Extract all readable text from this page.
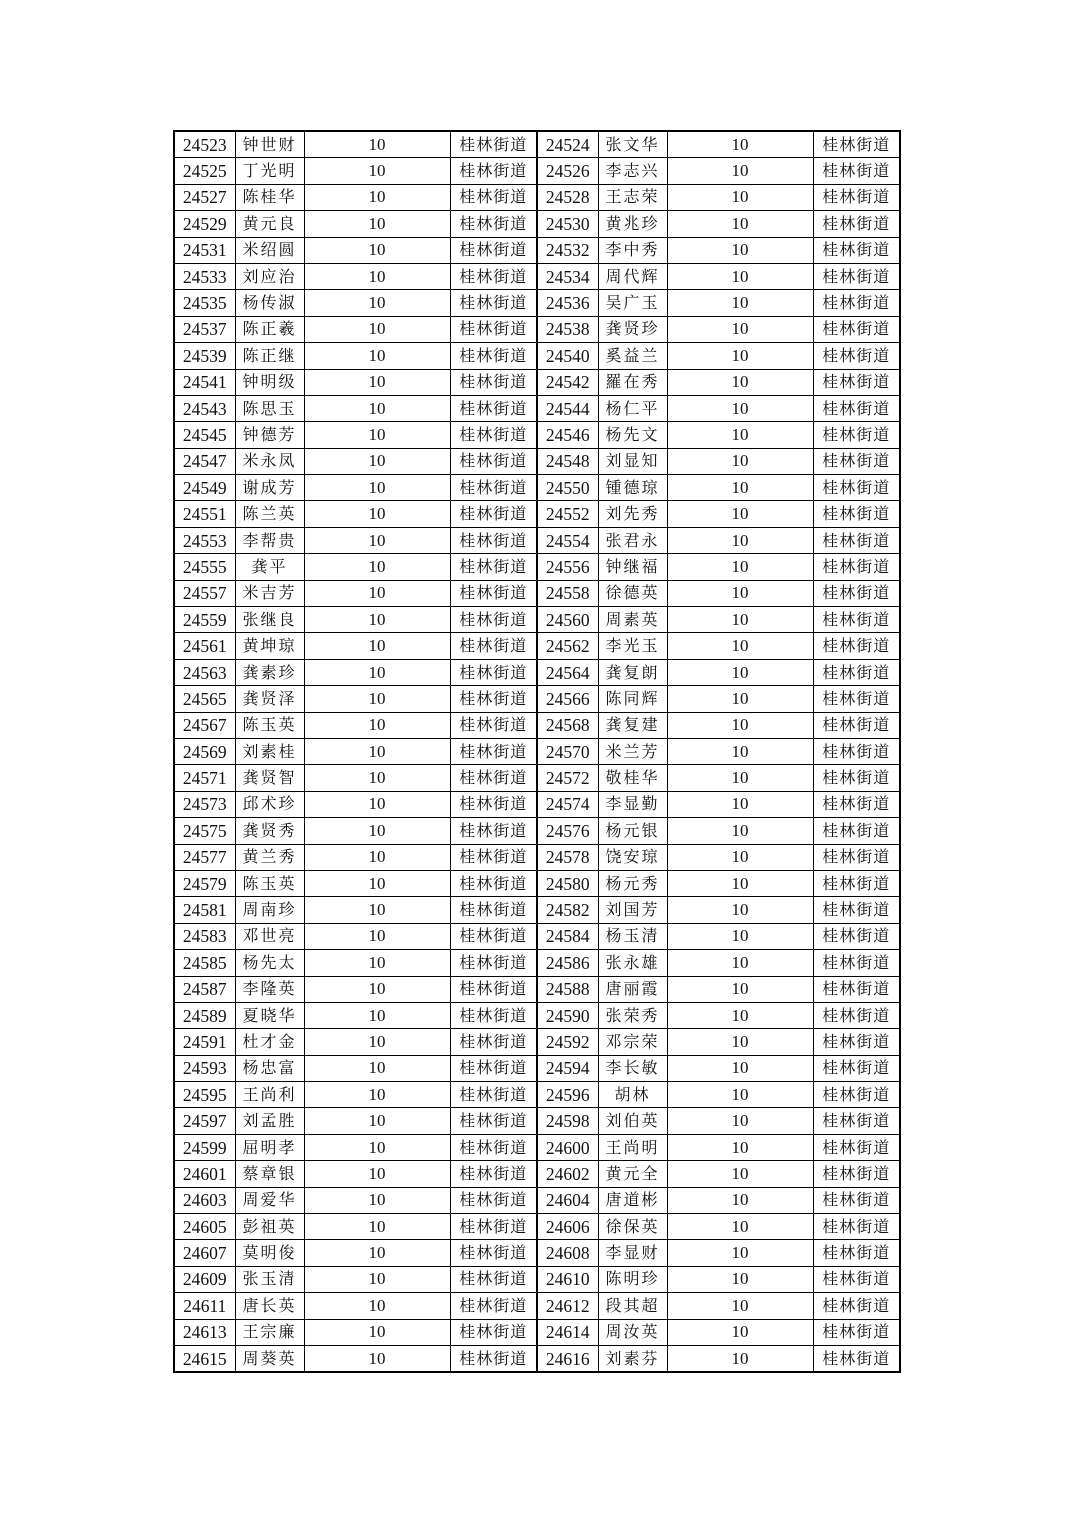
24523	钟世财	10	桂林街道	24524	张文华	10	桂林街道
24525	丁光明	10	桂林街道	24526	李志兴	10	桂林街道
24527	陈桂华	10	桂林街道	24528	王志荣	10	桂林街道
24529	黄元良	10	桂林街道	24530	黄兆珍	10	桂林街道
24531	米绍圆	10	桂林街道	24532	李中秀	10	桂林街道
24533	刘应治	10	桂林街道	24534	周代辉	10	桂林街道
24535	杨传淑	10	桂林街道	24536	吴广玉	10	桂林街道
24537	陈正羲	10	桂林街道	24538	龚贤珍	10	桂林街道
24539	陈正继	10	桂林街道	24540	奚益兰	10	桂林街道
24541	钟明级	10	桂林街道	24542	羅在秀	10	桂林街道
24543	陈思玉	10	桂林街道	24544	杨仁平	10	桂林街道
24545	钟德芳	10	桂林街道	24546	杨先文	10	桂林街道
24547	米永凤	10	桂林街道	24548	刘显知	10	桂林街道
24549	谢成芳	10	桂林街道	24550	锺德琼	10	桂林街道
24551	陈兰英	10	桂林街道	24552	刘先秀	10	桂林街道
24553	李帮贵	10	桂林街道	24554	张君永	10	桂林街道
24555	龚平	10	桂林街道	24556	钟继福	10	桂林街道
24557	米吉芳	10	桂林街道	24558	徐德英	10	桂林街道
24559	张继良	10	桂林街道	24560	周素英	10	桂林街道
24561	黄坤琼	10	桂林街道	24562	李光玉	10	桂林街道
24563	龚素珍	10	桂林街道	24564	龚复朗	10	桂林街道
24565	龚贤泽	10	桂林街道	24566	陈同辉	10	桂林街道
24567	陈玉英	10	桂林街道	24568	龚复建	10	桂林街道
24569	刘素桂	10	桂林街道	24570	米兰芳	10	桂林街道
24571	龚贤智	10	桂林街道	24572	敬桂华	10	桂林街道
24573	邱术珍	10	桂林街道	24574	李显勤	10	桂林街道
24575	龚贤秀	10	桂林街道	24576	杨元银	10	桂林街道
24577	黄兰秀	10	桂林街道	24578	饶安琼	10	桂林街道
24579	陈玉英	10	桂林街道	24580	杨元秀	10	桂林街道
24581	周南珍	10	桂林街道	24582	刘国芳	10	桂林街道
24583	邓世亮	10	桂林街道	24584	杨玉清	10	桂林街道
24585	杨先太	10	桂林街道	24586	张永雄	10	桂林街道
24587	李隆英	10	桂林街道	24588	唐丽霞	10	桂林街道
24589	夏晓华	10	桂林街道	24590	张荣秀	10	桂林街道
24591	杜才金	10	桂林街道	24592	邓宗荣	10	桂林街道
24593	杨忠富	10	桂林街道	24594	李长敏	10	桂林街道
24595	王尚利	10	桂林街道	24596	胡林	10	桂林街道
24597	刘孟胜	10	桂林街道	24598	刘伯英	10	桂林街道
24599	屈明孝	10	桂林街道	24600	王尚明	10	桂林街道
24601	蔡章银	10	桂林街道	24602	黄元全	10	桂林街道
24603	周爱华	10	桂林街道	24604	唐道彬	10	桂林街道
24605	彭祖英	10	桂林街道	24606	徐保英	10	桂林街道
24607	莫明俊	10	桂林街道	24608	李显财	10	桂林街道
24609	张玉清	10	桂林街道	24610	陈明珍	10	桂林街道
24611	唐长英	10	桂林街道	24612	段其超	10	桂林街道
24613	王宗廉	10	桂林街道	24614	周汝英	10	桂林街道
24615	周葵英	10	桂林街道	24616	刘素芬	10	桂林街道
